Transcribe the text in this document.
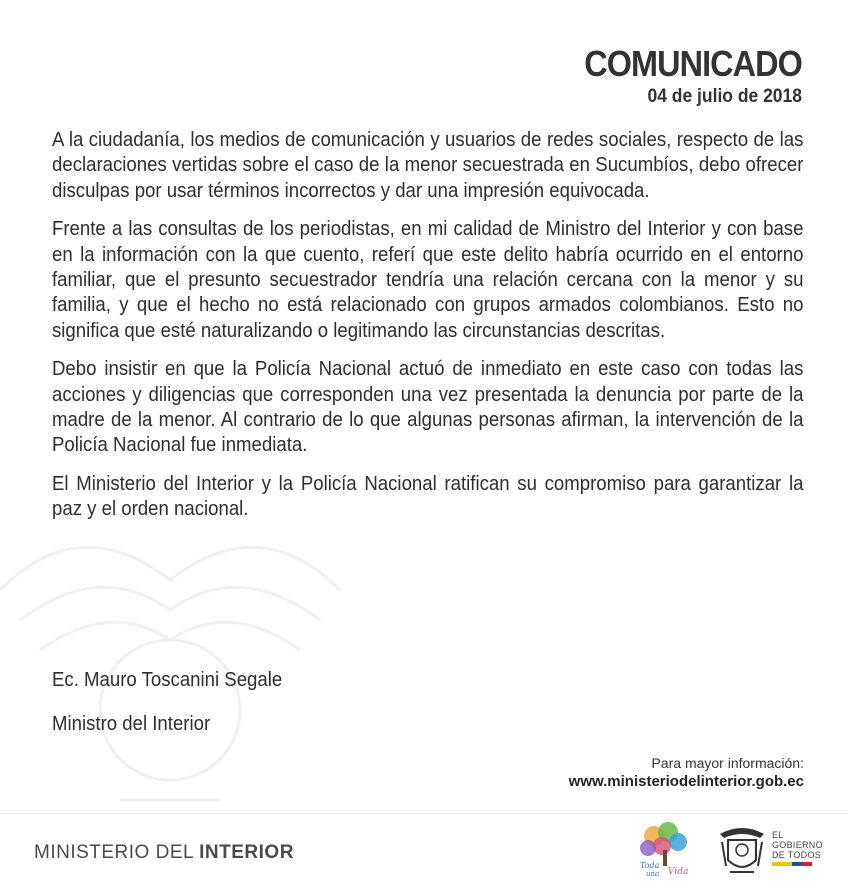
COMUNICADO
04 de julio de 2018

A la ciudadanía, los medios de comunicación y usuarios de redes sociales, respecto de las declaraciones vertidas sobre el caso de la menor secuestrada en Sucumbíos, debo ofrecer disculpas por usar términos incorrectos y dar una impresión equivocada.

Frente a las consultas de los periodistas, en mi calidad de Ministro del Interior y con base en la información con la que cuento, referí que este delito habría ocurrido en el entorno familiar, que el presunto secuestrador tendría una relación cercana con la menor y su familia, y que el hecho no está relacionado con grupos armados colombianos. Esto no significa que esté naturalizando o legitimando las circunstancias descritas.

Debo insistir en que la Policía Nacional actuó de inmediato en este caso con todas las acciones y diligencias que corresponden una vez presentada la denuncia por parte de la madre de la menor. Al contrario de lo que algunas personas afirman, la intervención de la Policía Nacional fue inmediata.

El Ministerio del Interior y la Policía Nacional ratifican su compromiso para garantizar la paz y el orden nacional.

Ec. Mauro Toscanini Segale
Ministro del Interior
Para mayor información:
www.ministeriodelinterior.gob.ec
MINISTERIO DEL INTERIOR
Toda
una Vida
EL
GOBIERNO
DE TODOS
